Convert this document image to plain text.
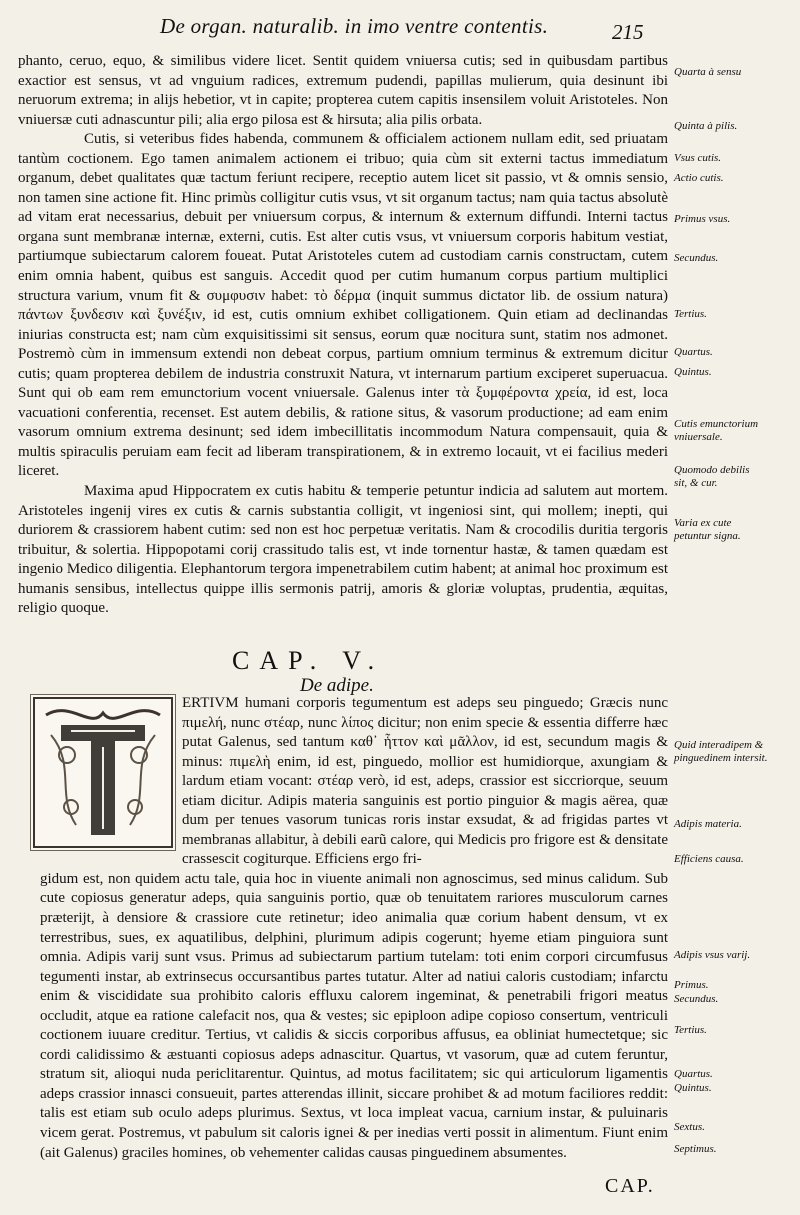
De organ. naturalib. in imo ventre contentis.	215

phanto, ceruo, equo, & similibus videre licet. Sentit quidem vniuersa cutis; sed in quibusdam partibus exactior est sensus, vt ad vnguium radices, extremum pudendi, papillas mulierum, quia desinunt ibi neruorum extrema; in alijs hebetior, vt in capite; propterea cutem capitis insensilem voluit Aristoteles. Non vniuersæ cuti adnascuntur pili; alia ergo pilosa est & hirsuta; alia pilis orbata.

Cutis, si veteribus fides habenda, communem & officialem actionem nullam edit, sed priuatam tantùm coctionem. Ego tamen animalem actionem ei tribuo; quia cùm sit externi tactus immediatum organum, debet qualitates quæ tactum feriunt recipere, receptio autem licet sit passio, vt & omnis sensio, non tamen sine actione fit. Hinc primùs colligitur cutis vsus, vt sit organum tactus; nam quia tactus absolutè ad vitam erat necessarius, debuit per vniuersum corpus, & internum & externum diffundi. Interni tactus organa sunt membranæ internæ, externi, cutis. Est alter cutis vsus, vt vniuersum corporis habitum vestiat, partiumque subiectarum calorem foueat. Putat Aristoteles cutem ad custodiam carnis constructam, cutem enim omnia habent, quibus est sanguis. Accedit quod per cutim humanum corpus partium multiplici structura varium, vnum fit & συμφυσιν habet: τὸ δέρμα (inquit summus dictator lib. de ossium natura) πάντων ξυνδεσιν καὶ ξυνέξιν, id est, cutis omnium exhibet colligationem. Quin etiam ad declinandas iniurias constructa est; nam cùm exquisitissimi sit sensus, eorum quæ nocitura sunt, statim nos admonet. Postremò cùm in immensum extendi non debeat corpus, partium omnium terminus & extremum dicitur cutis; quam propterea debilem de industria construxit Natura, vt internarum partium exciperet superuacua. Sunt qui ob eam rem emunctorium vocent vniuersale. Galenus inter τὰ ξυμφέροντα χρεία, id est, loca vacuationi conferentia, recenset. Est autem debilis, & ratione situs, & vasorum productione; ad eam enim vasorum omnium extrema desinunt; sed idem imbecillitatis incommodum Natura compensauit, quia & multis spiraculis peruiam eam fecit ad liberam transpirationem, & in extremo locauit, vt ei facilius mederi liceret.

Maxima apud Hippocratem ex cutis habitu & temperie petuntur indicia ad salutem aut mortem. Aristoteles ingenij vires ex cutis & carnis substantia colligit, vt ingeniosi sint, qui mollem; inepti, qui duriorem & crassiorem habent cutim: sed non est hoc perpetuæ veritatis. Nam & crocodilis duritia tergoris tribuitur, & solertia. Hippopotami corij crassitudo talis est, vt inde tornentur hastæ, & tamen quædam est ingenio Medico diligentia. Elephantorum tergora impenetrabilem cutim habent; at animal hoc proximum est humanis sensibus, intellectus quippe illis sermonis patrij, amoris & gloriæ voluptas, prudentia, æquitas, religio quoque.

CAP. V.
De adipe.

ERTIVM humani corporis tegumentum est adeps seu pinguedo; Græcis nunc πιμελή, nunc στέαρ, nunc λίπος dicitur; non enim specie & essentia differre hæc putat Galenus, sed tantum καθ᾽ ἧττον καὶ μᾶλλον, id est, secundum magis & minus: πιμελὴ enim, id est, pinguedo, mollior est humidiorque, axungiam & lardum etiam vocant: στέαρ verò, id est, adeps, crassior est siccriorque, seuum etiam dicitur. Adipis materia sanguinis est portio pinguior & magis aërea, quæ dum per tenues vasorum tunicas roris instar exsudat, & ad frigidas partes vt membranas allabitur, à debili earũ calore, qui Medicis pro frigore est & densitate crassescit cogiturque. Efficiens ergo fri-

gidum est, non quidem actu tale, quia hoc in viuente animali non agnoscimus, sed minus calidum. Sub cute copiosus generatur adeps, quia sanguinis portio, quæ ob tenuitatem rariores musculorum carnes præterijt, à densiore & crassiore cute retinetur; ideo animalia quæ corium habent densum, vt ex terrestribus, sues, ex aquatilibus, delphini, plurimum adipis cogerunt; hyeme etiam pinguiora sunt omnia. Adipis varij sunt vsus. Primus ad subiectarum partium tutelam: toti enim corpori circumfusus tegumenti instar, ab extrinsecus occursantibus partes tutatur. Alter ad natiui caloris custodiam; infarctu enim & viscididate sua prohibito caloris effluxu calorem ingeminat, & penetrabili frigori meatus occludit, atque ea ratione calefacit nos, qua & vestes; sic epiploon adipe copioso consertum, ventriculi coctionem iuuare creditur. Tertius, vt calidis & siccis corporibus affusus, ea obliniat humectetque; sic cordi calidissimo & æstuanti copiosus adeps adnascitur. Quartus, vt vasorum, quæ ad cutem feruntur, stratum sit, alioqui nuda periclitarentur. Quintus, ad motus facilitatem; sic qui articulorum ligamentis adeps crassior innasci consueuit, partes atterendas illinit, siccare prohibet & ad motum faciliores reddit: talis est etiam sub oculo adeps plurimus. Sextus, vt loca impleat vacua, carnium instar, & puluinaris vicem gerat. Postremus, vt pabulum sit caloris ignei & per inedias verti possit in alimentum. Fiunt enim (ait Galenus) graciles homines, ob vehementer calidas causas pinguedinem absumentes.

CAP.
Quarta à sensu
Quinta à pilis.
Vsus cutis.
Actio cutis.
Primus vsus.
Secundus.
Tertius.
Quartus.
Quintus.
Cutis emunctorium vniuersale.
Quomodo debilis sit, & cur.
Varia ex cute petuntur signa.
Quid interadipem & pinguedinem intersit.
Adipis materia.
Efficiens causa.
Adipis vsus varij.
Primus.
Secundus.
Tertius.
Quartus.
Quintus.
Sextus.
Septimus.
